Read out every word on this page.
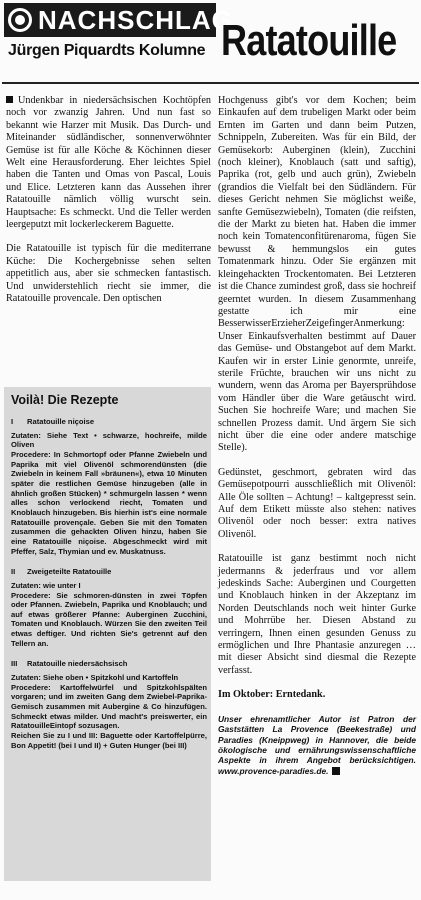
NACHSCHLAG
Jürgen Piquardts Kolumne Ratatouille

Undenkbar in niedersächsischen Kochtöpfen noch vor zwanzig Jahren. Und nun fast so bekannt wie Harzer mit Musik. Das Durch- und Miteinander südländischer, sonnenverwöhnter Gemüse ist für alle Köche & Köchinnen dieser Welt eine Herausforderung. Eher leichtes Spiel haben die Tanten und Omas von Pascal, Louis und Elice. Letzteren kann das Aussehen ihrer Ratatouille nämlich völlig wurscht sein. Hauptsache: Es schmeckt. Und die Teller werden leergeputzt mit lockerleckerem Baguette.

Die Ratatouille ist typisch für die mediterrane Küche: Die Kochergebnisse sehen selten appetitlich aus, aber sie schmecken fantastisch. Und unwiderstehlich riecht sie immer, die Ratatouille provencale. Den optischen

Voilà! Die Rezepte
I Ratatouille niçoise
Zutaten: Siehe Text • schwarze, hochreife, milde Oliven
Procedere: In Schmortopf oder Pfanne Zwiebeln und Paprika mit viel Olivenöl schmorendünsten (die Zwiebeln in keinem Fall »bräunen«), etwa 10 Minuten später die restlichen Gemüse hinzugeben (alle in ähnlich großen Stücken) * schmurgeln lassen * wenn alles schon verlockend riecht, Tomaten und Knoblauch hinzugeben. Bis hierhin ist's eine normale Ratatouille provençale. Geben Sie mit den Tomaten zusammen die gehackten Oliven hinzu, haben Sie eine Ratatouille niçoise. Abgeschmeckt wird mit Pfeffer, Salz, Thymian und ev. Muskatnuss.
II Zweigeteilte Ratatouille
Zutaten: wie unter I
Procedere: Sie schmoren-dünsten in zwei Töpfen oder Pfannen. Zwiebeln, Paprika und Knoblauch; und auf etwas größerer Pfanne: Auberginen Zucchini, Tomaten und Knoblauch. Würzen Sie den zweiten Teil etwas deftiger. Und richten Sie's getrennt auf den Tellern an.
III Ratatouille niedersächsisch
Zutaten: Siehe oben • Spitzkohl und Kartoffeln
Procedere: Kartoffelwürfel und Spitzkohlspälten vorgaren; und im zweiten Gang dem Zwiebel-Paprika-Gemisch zusammen mit Aubergine & Co hinzufügen. Schmeckt etwas milder. Und macht's preiswerter, ein RatatouilleEintopf sozusagen.
Reichen Sie zu I und III: Baguette oder Kartoffelpürre, Bon Appetit! (bei I und II) + Guten Hunger (bei III)

Hochgenuss gibt's vor dem Kochen; beim Einkaufen auf dem trubeligen Markt oder beim Ernten im Garten und dann beim Putzen, Schnippeln, Zubereiten. Was für ein Bild, der Gemüsekorb: Auberginen (klein), Zucchini (noch kleiner), Knoblauch (satt und saftig), Paprika (rot, gelb und auch grün), Zwiebeln (grandios die Vielfalt bei den Südländern. Für dieses Gericht nehmen Sie möglichst weiße, sanfte Gemüsezwiebeln), Tomaten (die reifsten, die der Markt zu bieten hat. Haben die immer noch kein Tomatenconfitürenaroma, fügen Sie bewusst & hemmungslos ein gutes Tomatenmark hinzu. Oder Sie ergänzen mit kleingehackten Trockentomaten. Bei Letzteren ist die Chance zumindest groß, dass sie hochreif geerntet wurden. In diesem Zusammenhang gestatte ich mir eine BesserwisserErzieherZeigefingerAnmerkung: Unser Einkaufsverhalten bestimmt auf Dauer das Gemüse- und Obstangebot auf dem Markt. Kaufen wir in erster Linie genormte, unreife, sterile Früchte, brauchen wir uns nicht zu wundern, wenn das Aroma per Bayersprühdose vom Händler über die Ware getäuscht wird. Suchen Sie hochreife Ware; und machen Sie schnellen Prozess damit. Und ärgern Sie sich nicht über die eine oder andere matschige Stelle).

Gedünstet, geschmort, gebraten wird das Gemüsepotpourri ausschließlich mit Olivenöl: Alle Öle sollten – Achtung! – kaltgepresst sein. Auf dem Etikett müsste also stehen: natives Olivenöl oder noch besser: extra natives Olivenöl.

Ratatouille ist ganz bestimmt noch nicht jedermanns & jederfraus und vor allem jedeskinds Sache: Auberginen und Courgetten und Knoblauch hinken in der Akzeptanz im Norden Deutschlands noch weit hinter Gurke und Mohrrübe her. Diesen Abstand zu verringern, Ihnen einen gesunden Genuss zu ermöglichen und Ihre Phantasie anzuregen … mit dieser Absicht sind diesmal die Rezepte verfasst.

Im Oktober: Erntedank.

Unser ehrenamtlicher Autor ist Patron der Gaststätten La Provence (Beekestraße) und Paradies (Kneippweg) in Hannover, die beide ökologische und ernährungswissenschaftliche Aspekte in ihrem Angebot berücksichtigen. www.provence-paradies.de.
